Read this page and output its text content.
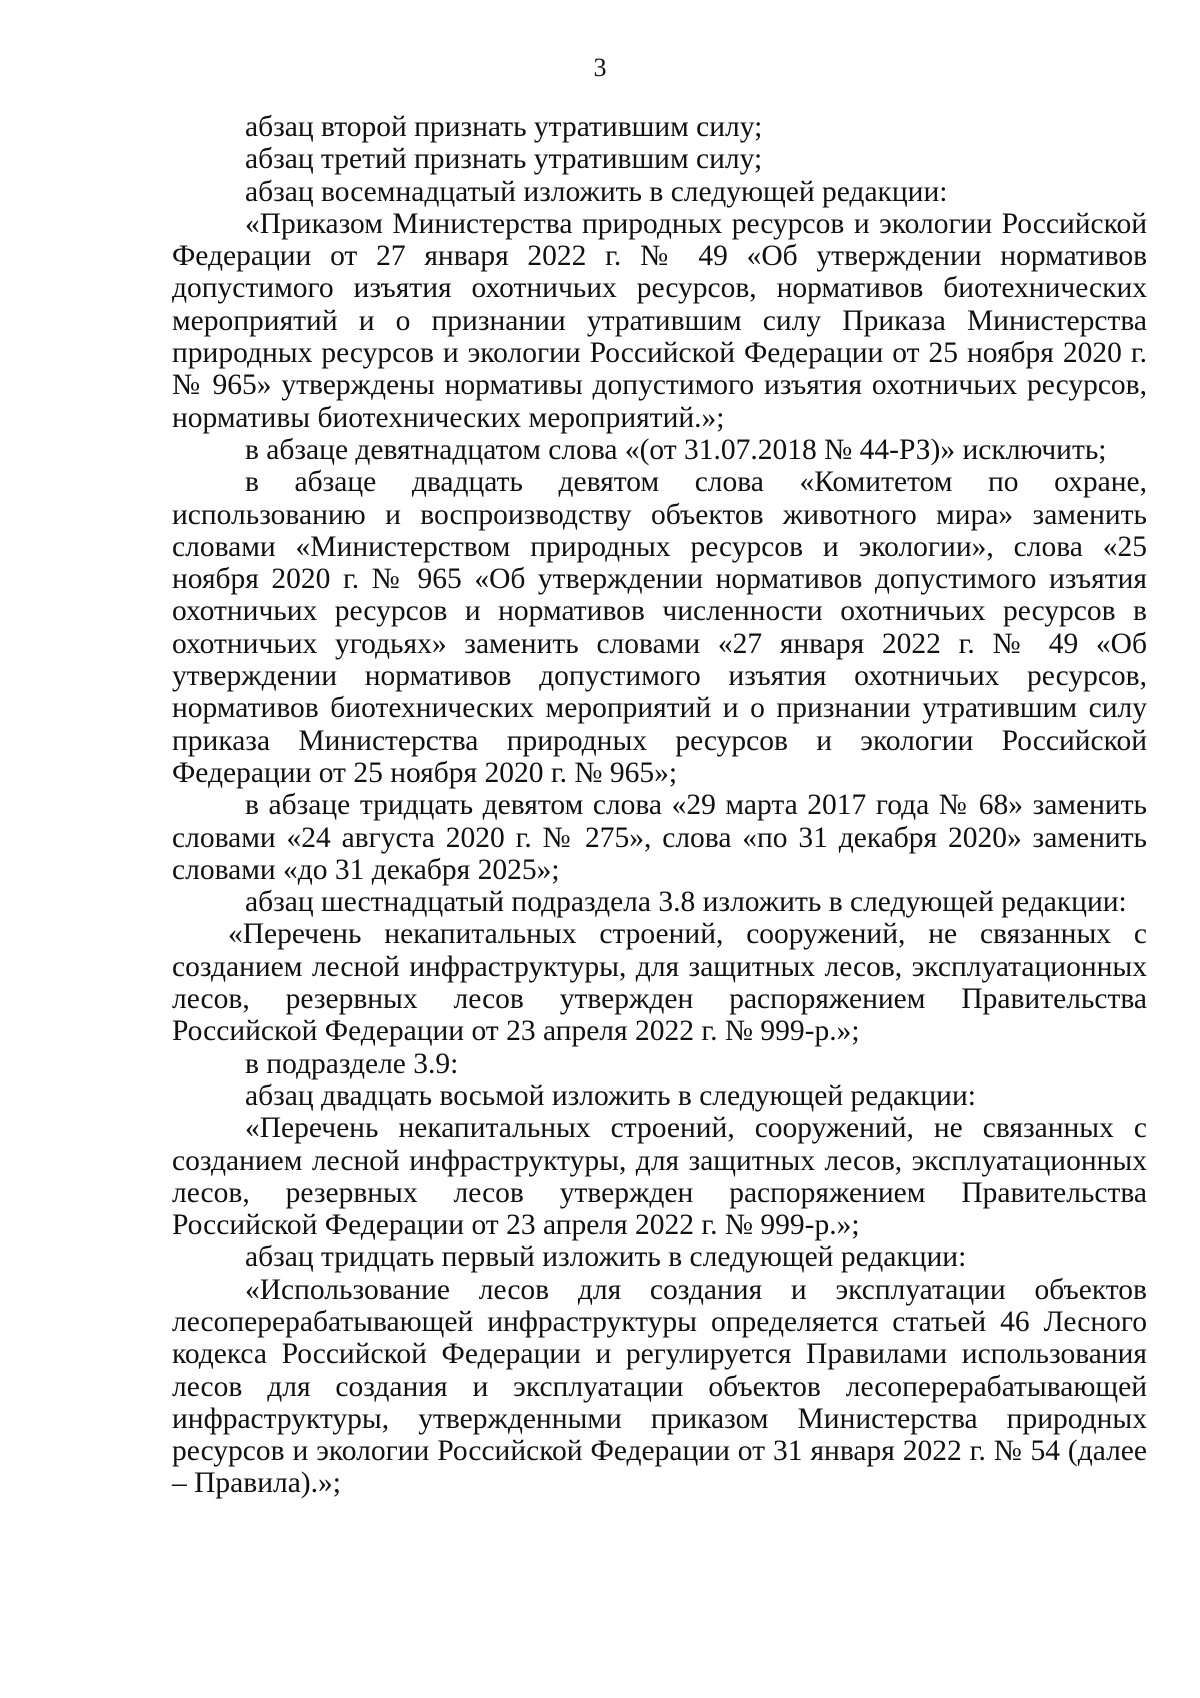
3

абзац второй признать утратившим силу;

абзац третий признать утратившим силу;

абзац восемнадцатый изложить в следующей редакции:

«Приказом Министерства природных ресурсов и экологии Российской Федерации от 27 января 2022 г. № 49 «Об утверждении нормативов допустимого изъятия охотничьих ресурсов, нормативов биотехнических мероприятий и о признании утратившим силу Приказа Министерства природных ресурсов и экологии Российской Федерации от 25 ноября 2020 г. № 965» утверждены нормативы допустимого изъятия охотничьих ресурсов, нормативы биотехнических мероприятий.»;

в абзаце девятнадцатом слова «(от 31.07.2018 № 44-РЗ)» исключить;

в абзаце двадцать девятом слова «Комитетом по охране, использованию и воспроизводству объектов животного мира» заменить словами «Министерством природных ресурсов и экологии», слова «25 ноября 2020 г. № 965 «Об утверждении нормативов допустимого изъятия охотничьих ресурсов и нормативов численности охотничьих ресурсов в охотничьих угодьях» заменить словами «27 января 2022 г. № 49 «Об утверждении нормативов допустимого изъятия охотничьих ресурсов, нормативов биотехнических мероприятий и о признании утратившим силу приказа Министерства природных ресурсов и экологии Российской Федерации от 25 ноября 2020 г. № 965»;

в абзаце тридцать девятом слова «29 марта 2017 года № 68» заменить словами «24 августа 2020 г. № 275», слова «по 31 декабря 2020» заменить словами «до 31 декабря 2025»;

абзац шестнадцатый подраздела 3.8 изложить в следующей редакции:

«Перечень некапитальных строений, сооружений, не связанных с созданием лесной инфраструктуры, для защитных лесов, эксплуатационных лесов, резервных лесов утвержден распоряжением Правительства Российской Федерации от 23 апреля 2022 г. № 999-р.»;

в подразделе 3.9:

абзац двадцать восьмой изложить в следующей редакции:

«Перечень некапитальных строений, сооружений, не связанных с созданием лесной инфраструктуры, для защитных лесов, эксплуатационных лесов, резервных лесов утвержден распоряжением Правительства Российской Федерации от 23 апреля 2022 г. № 999-р.»;

абзац тридцать первый изложить в следующей редакции:

«Использование лесов для создания и эксплуатации объектов лесоперерабатывающей инфраструктуры определяется статьей 46 Лесного кодекса Российской Федерации и регулируется Правилами использования лесов для создания и эксплуатации объектов лесоперерабатывающей инфраструктуры, утвержденными приказом Министерства природных ресурсов и экологии Российской Федерации от 31 января 2022 г. № 54 (далее – Правила).»;
